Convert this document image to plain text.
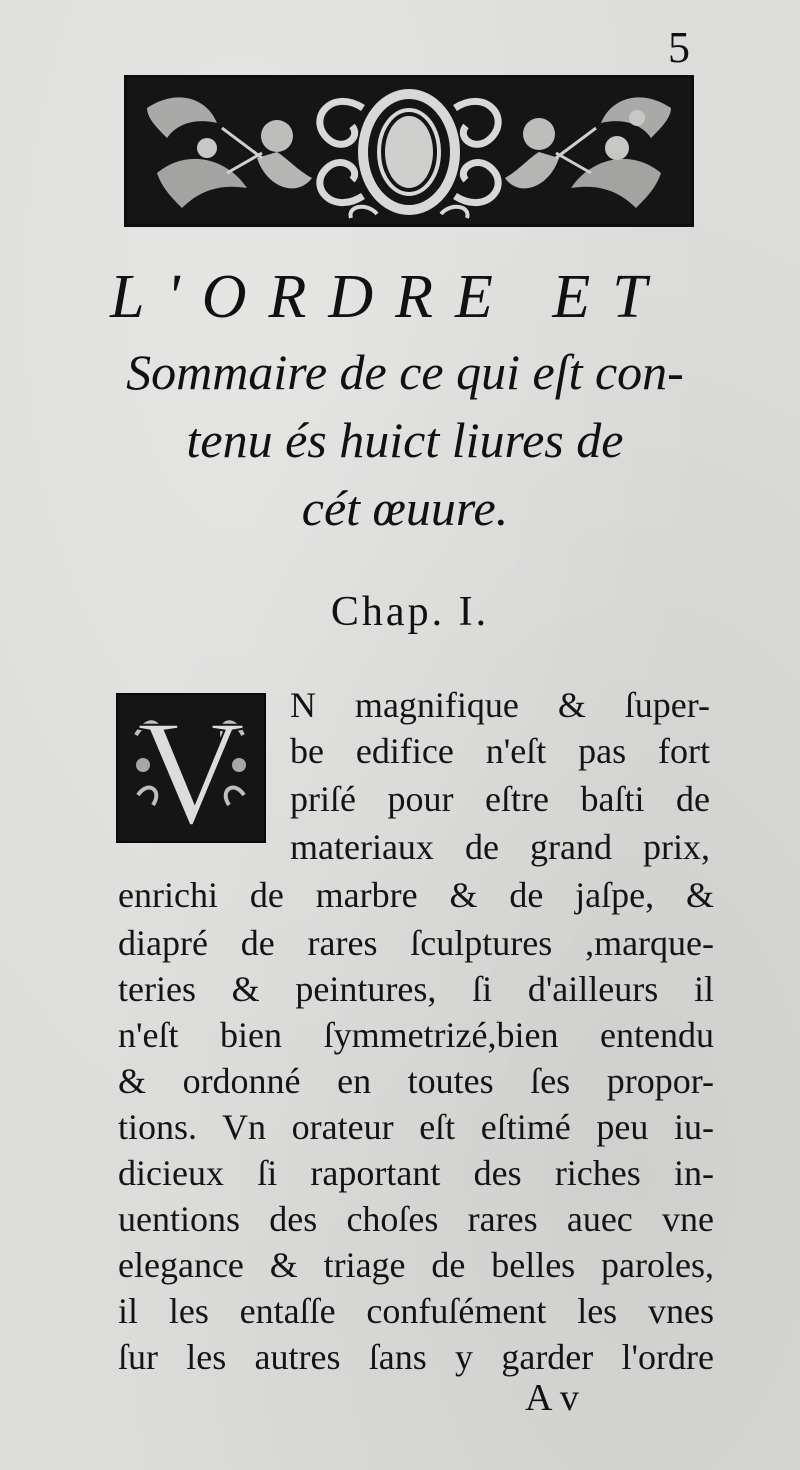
5
L'ORDRE ET
Sommaire de ce qui eſt con-
tenu és huict liures de
cét œuure.
Chap. I.
V N magnifique & ſuper-
be edifice n'eſt pas fort
priſé pour eſtre baſti de
materiaux de grand prix,
enrichi de marbre & de jaſpe, &
diapré de rares ſculptures ,marque-
teries & peintures, ſi d'ailleurs il
n'eſt bien ſymmetrizé,bien entendu
& ordonné en toutes ſes propor-
tions. Vn orateur eſt eſtimé peu iu-
dicieux ſi raportant des riches in-
uentions des choſes rares auec vne
elegance & triage de belles paroles,
il les entaſſe confuſément les vnes
ſur les autres ſans y garder l'ordre
A v
